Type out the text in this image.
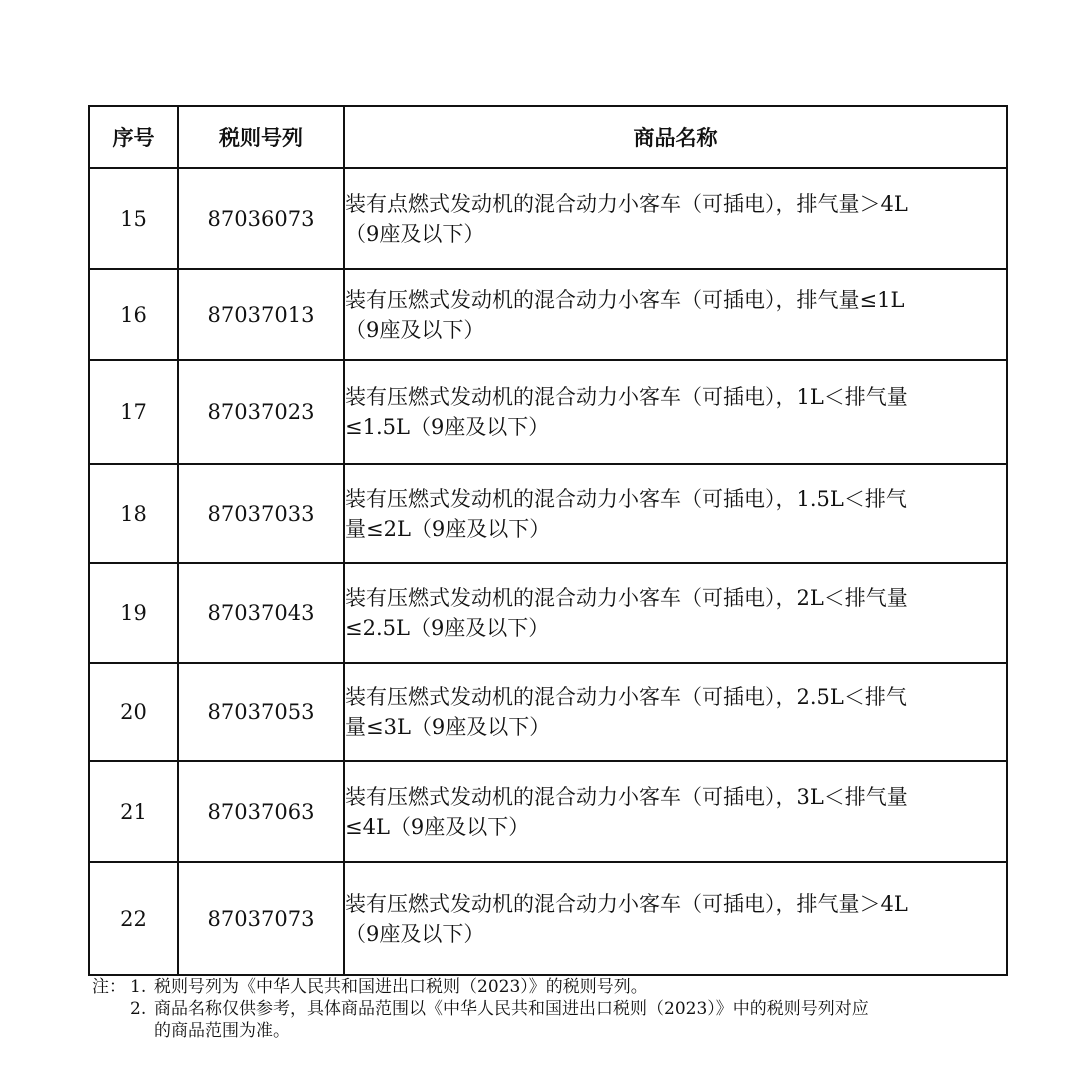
序号	税则号列	商品名称
15	87036073	装有点燃式发动机的混合动力小客车（可插电），排气量＞4L
（9座及以下）

16	87037013	装有压燃式发动机的混合动力小客车（可插电），排气量≤1L
（9座及以下）

17	87037023	装有压燃式发动机的混合动力小客车（可插电），1L＜排气量
≤1.5L（9座及以下）

18	87037033	装有压燃式发动机的混合动力小客车（可插电），1.5L＜排气
量≤2L（9座及以下）

19	87037043	装有压燃式发动机的混合动力小客车（可插电），2L＜排气量
≤2.5L（9座及以下）

20	87037053	装有压燃式发动机的混合动力小客车（可插电），2.5L＜排气
量≤3L（9座及以下）

21	87037063	装有压燃式发动机的混合动力小客车（可插电），3L＜排气量
≤4L（9座及以下）

22	87037073	装有压燃式发动机的混合动力小客车（可插电），排气量＞4L
（9座及以下）
注： 1. 税则号列为《中华人民共和国进出口税则（2023）》的税则号列。
2. 商品名称仅供参考，具体商品范围以《中华人民共和国进出口税则（2023）》中的税则号列对应
的商品范围为准。
